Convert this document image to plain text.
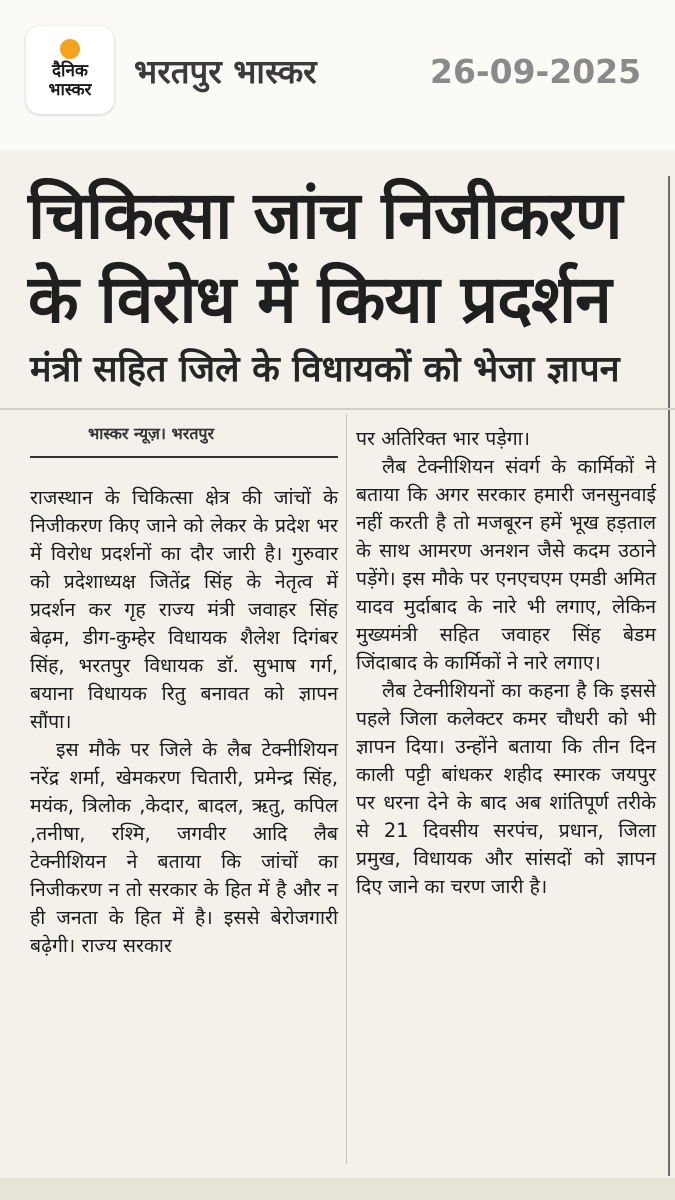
दैनिक
भास्कर	भरतपुर भास्कर	26-09-2025
चिकित्सा जांच निजीकरण
के विरोध में किया प्रदर्शन
मंत्री सहित जिले के विधायकों को भेजा ज्ञापन
भास्कर न्यूज़। भरतपुर

राजस्थान के चिकित्सा क्षेत्र की जांचों के निजीकरण किए जाने को लेकर के प्रदेश भर में विरोध प्रदर्शनों का दौर जारी है। गुरुवार को प्रदेशाध्यक्ष जितेंद्र सिंह के नेतृत्व में प्रदर्शन कर गृह राज्य मंत्री जवाहर सिंह बेढ़म, डीग-कुम्हेर विधायक शैलेश दिगंबर सिंह, भरतपुर विधायक डॉ. सुभाष गर्ग, बयाना विधायक रितु बनावत को ज्ञापन सौंपा।

इस मौके पर जिले के लैब टेक्नीशियन नरेंद्र शर्मा, खेमकरण चितारी, प्रमेन्द्र सिंह, मयंक, त्रिलोक ,केदार, बादल, ऋतु, कपिल ,तनीषा, रश्मि, जगवीर आदि लैब टेक्नीशियन ने बताया कि जांचों का निजीकरण न तो सरकार के हित में है और न ही जनता के हित में है। इससे बेरोजगारी बढ़ेगी। राज्य सरकार

पर अतिरिक्त भार पड़ेगा।

लैब टेक्नीशियन संवर्ग के कार्मिकों ने बताया कि अगर सरकार हमारी जनसुनवाई नहीं करती है तो मजबूरन हमें भूख हड़ताल के साथ आमरण अनशन जैसे कदम उठाने पड़ेंगे। इस मौके पर एनएचएम एमडी अमित यादव मुर्दाबाद के नारे भी लगाए, लेकिन मुख्यमंत्री सहित जवाहर सिंह बेडम जिंदाबाद के कार्मिकों ने नारे लगाए।

लैब टेक्नीशियनों का कहना है कि इससे पहले जिला कलेक्टर कमर चौधरी को भी ज्ञापन दिया। उन्होंने बताया कि तीन दिन काली पट्टी बांधकर शहीद स्मारक जयपुर पर धरना देने के बाद अब शांतिपूर्ण तरीके से 21 दिवसीय सरपंच, प्रधान, जिला प्रमुख, विधायक और सांसदों को ज्ञापन दिए जाने का चरण जारी है।
